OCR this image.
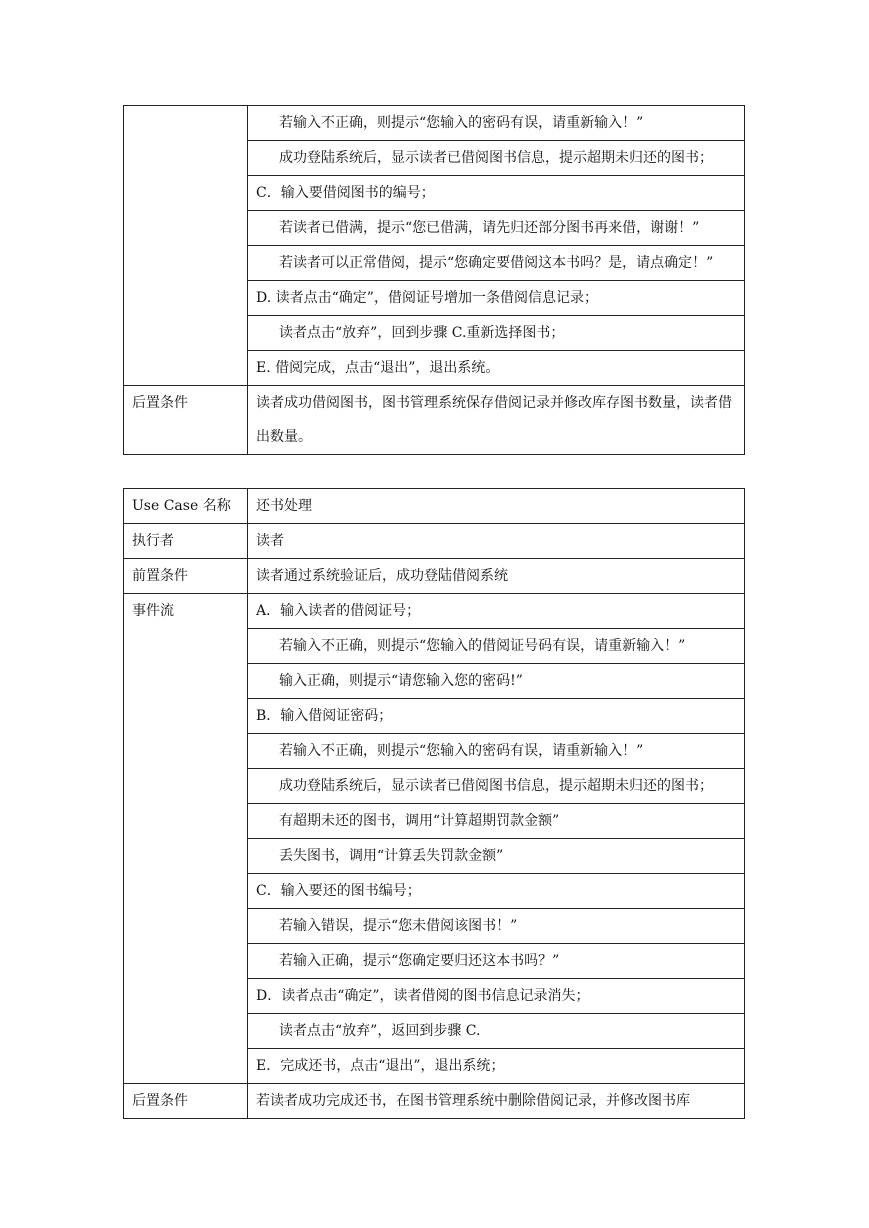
	若输入不正确，则提示“您输入的密码有误，请重新输入！”
	成功登陆系统后，显示读者已借阅图书信息，提示超期未归还的图书；
	C．输入要借阅图书的编号；
	若读者已借满，提示“您已借满，请先归还部分图书再来借，谢谢！”
	若读者可以正常借阅，提示“您确定要借阅这本书吗？是，请点确定！”
	D. 读者点击“确定”，借阅证号增加一条借阅信息记录；
	读者点击“放弃”，回到步骤 C.重新选择图书；
	E. 借阅完成，点击“退出”，退出系统。
后置条件	读者成功借阅图书，图书管理系统保存借阅记录并修改库存图书数量，读者借出数量。
Use Case 名称	还书处理
执行者	读者
前置条件	读者通过系统验证后，成功登陆借阅系统
事件流	A．输入读者的借阅证号；
	若输入不正确，则提示“您输入的借阅证号码有误，请重新输入！”
	输入正确，则提示“请您输入您的密码!”
	B．输入借阅证密码；
	若输入不正确，则提示“您输入的密码有误，请重新输入！”
	成功登陆系统后，显示读者已借阅图书信息，提示超期未归还的图书；
	有超期未还的图书，调用“计算超期罚款金额”
	丢失图书，调用“计算丢失罚款金额”
	C．输入要还的图书编号；
	若输入错误，提示“您未借阅该图书！”
	若输入正确，提示“您确定要归还这本书吗？”
	D．读者点击“确定”，读者借阅的图书信息记录消失；
	读者点击“放弃”，返回到步骤 C.
	E．完成还书，点击“退出”，退出系统；
后置条件	若读者成功完成还书，在图书管理系统中删除借阅记录，并修改图书库
